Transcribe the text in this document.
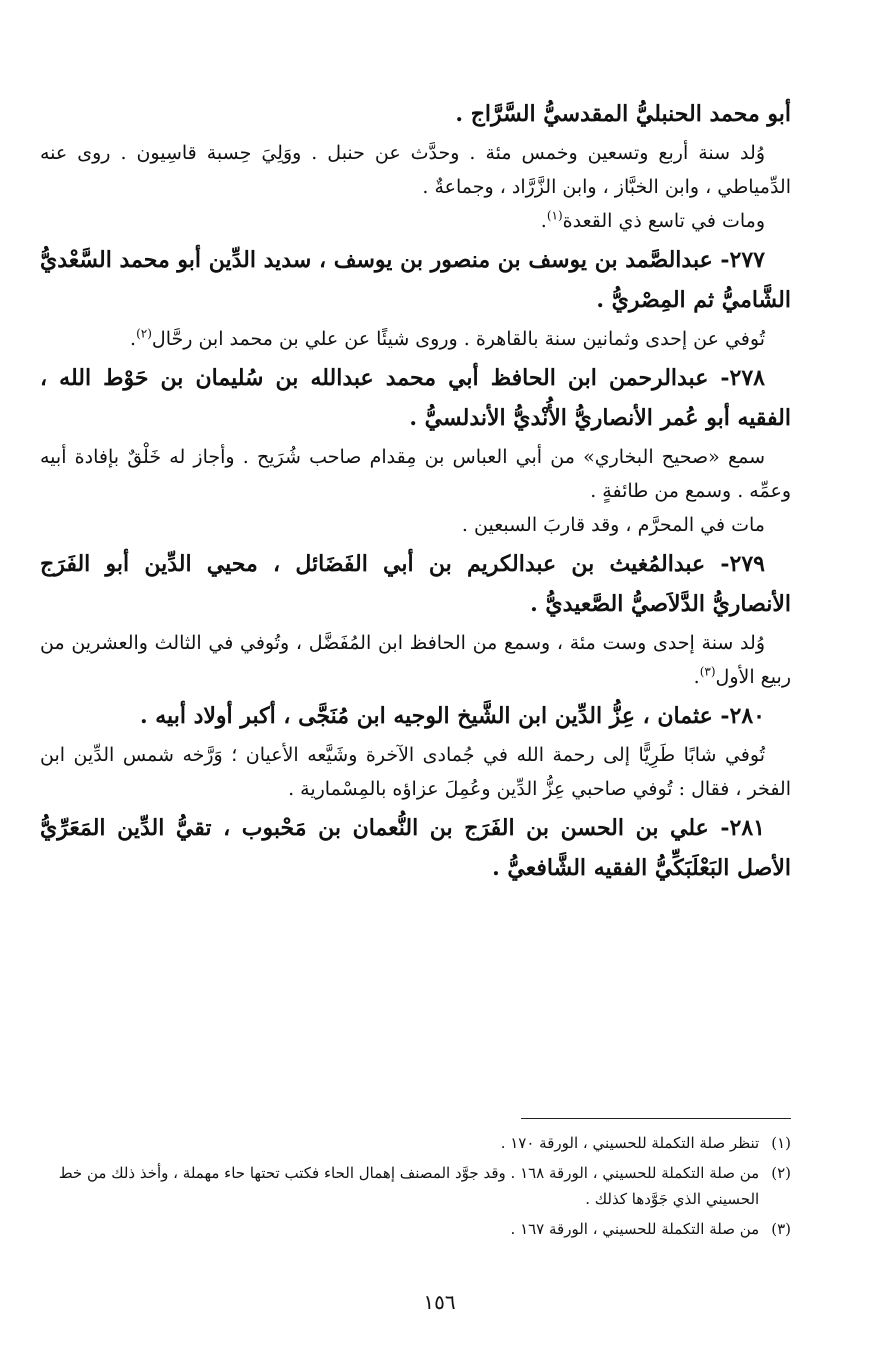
أبو محمد الحنبليُّ المقدسيُّ السَّرَّاج .

وُلد سنة أربع وتسعين وخمس مئة . وحدَّث عن حنبل . ووَلِيَ حِسبة قاسِيون . روى عنه الدِّمياطي ، وابن الخبَّاز ، وابن الزَّرَّاد ، وجماعةٌ .

ومات في تاسع ذي القعدة$^{(١)}$.

٢٧٧- عبدالصَّمد بن يوسف بن منصور بن يوسف ، سديد الدِّين أبو محمد السَّعْديُّ الشَّاميُّ ثم المِصْريُّ .

تُوفي عن إحدى وثمانين سنة بالقاهرة . وروى شيئًا عن علي بن محمد ابن رحَّال$^{(٢)}$.

٢٧٨- عبدالرحمن ابن الحافظ أبي محمد عبدالله بن سُليمان بن حَوْط الله ، الفقيه أبو عُمر الأنصاريُّ الأُنْديُّ الأندلسيُّ .

سمع «صحيح البخاري» من أبي العباس بن مِقدام صاحب شُرَيح . وأجاز له خَلْقٌ بإفادة أبيه وعمِّه . وسمع من طائفةٍ .

مات في المحرَّم ، وقد قاربَ السبعين .

٢٧٩- عبدالمُغيث بن عبدالكريم بن أبي الفَضَائل ، محيي الدِّين أبو الفَرَج الأنصاريُّ الدَّلاَصيُّ الصَّعيديُّ .

وُلد سنة إحدى وست مئة ، وسمع من الحافظ ابن المُفَضَّل ، وتُوفي في الثالث والعشرين من ربيع الأول$^{(٣)}$.

٢٨٠- عثمان ، عِزُّ الدِّين ابن الشَّيخ الوجيه ابن مُنَجَّى ، أكبر أولاد أبيه .

تُوفي شابًا طَرِيًّا إلى رحمة الله في جُمادى الآخرة وشَيَّعه الأعيان ؛ وَرَّخه شمس الدِّين ابن الفخر ، فقال : تُوفي صاحبي عِزُّ الدِّين وعُمِلَ عزاؤه بالمِسْمارية .

٢٨١- علي بن الحسن بن الفَرَج بن النُّعمان بن مَحْبوب ، تقيُّ الدِّين المَعَرِّيُّ الأصل البَعْلَبَكِّيُّ الفقيه الشَّافعيُّ .

(١)
تنظر صلة التكملة للحسيني ، الورقة ١٧٠ .
(٢)
من صلة التكملة للحسيني ، الورقة ١٦٨ . وقد جوَّد المصنف إهمال الحاء فكتب تحتها حاء مهملة ، وأخذ ذلك من خط الحسيني الذي جَوَّدها كذلك .
(٣)
من صلة التكملة للحسيني ، الورقة ١٦٧ .
١٥٦
